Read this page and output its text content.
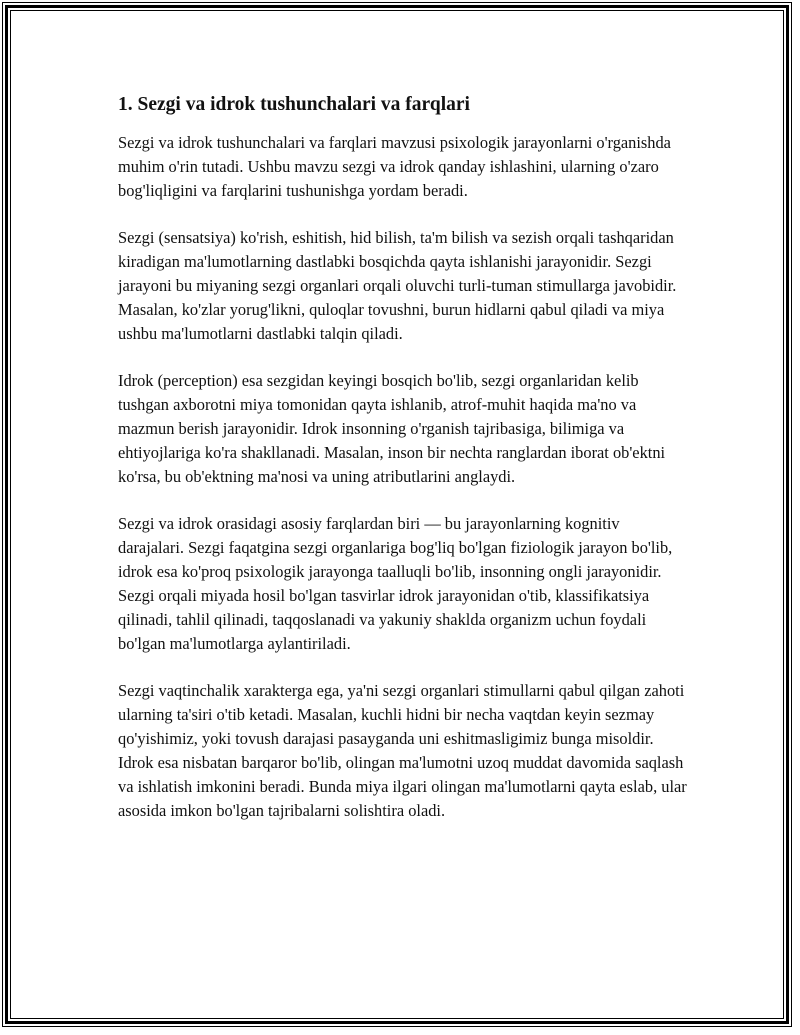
1. Sezgi va idrok tushunchalari va farqlari

Sezgi va idrok tushunchalari va farqlari mavzusi psixologik jarayonlarni o'rganishda muhim o'rin tutadi. Ushbu mavzu sezgi va idrok qanday ishlashini, ularning o'zaro bog'liqligini va farqlarini tushunishga yordam beradi.

Sezgi (sensatsiya) ko'rish, eshitish, hid bilish, ta'm bilish va sezish orqali tashqaridan kiradigan ma'lumotlarning dastlabki bosqichda qayta ishlanishi jarayonidir. Sezgi jarayoni bu miyaning sezgi organlari orqali oluvchi turli-tuman stimullarga javobidir. Masalan, ko'zlar yorug'likni, quloqlar tovushni, burun hidlarni qabul qiladi va miya ushbu ma'lumotlarni dastlabki talqin qiladi.

Idrok (perception) esa sezgidan keyingi bosqich bo'lib, sezgi organlaridan kelib tushgan axborotni miya tomonidan qayta ishlanib, atrof-muhit haqida ma'no va mazmun berish jarayonidir. Idrok insonning o'rganish tajribasiga, bilimiga va ehtiyojlariga ko'ra shakllanadi. Masalan, inson bir nechta ranglardan iborat ob'ektni ko'rsa, bu ob'ektning ma'nosi va uning atributlarini anglaydi.

Sezgi va idrok orasidagi asosiy farqlardan biri — bu jarayonlarning kognitiv darajalari. Sezgi faqatgina sezgi organlariga bog'liq bo'lgan fiziologik jarayon bo'lib, idrok esa ko'proq psixologik jarayonga taalluqli bo'lib, insonning ongli jarayonidir. Sezgi orqali miyada hosil bo'lgan tasvirlar idrok jarayonidan o'tib, klassifikatsiya qilinadi, tahlil qilinadi, taqqoslanadi va yakuniy shaklda organizm uchun foydali bo'lgan ma'lumotlarga aylantiriladi.

Sezgi vaqtinchalik xarakterga ega, ya'ni sezgi organlari stimullarni qabul qilgan zahoti ularning ta'siri o'tib ketadi. Masalan, kuchli hidni bir necha vaqtdan keyin sezmay qo'yishimiz, yoki tovush darajasi pasayganda uni eshitmasligimiz bunga misoldir. Idrok esa nisbatan barqaror bo'lib, olingan ma'lumotni uzoq muddat davomida saqlash va ishlatish imkonini beradi. Bunda miya ilgari olingan ma'lumotlarni qayta eslab, ular asosida imkon bo'lgan tajribalarni solishtira oladi.
